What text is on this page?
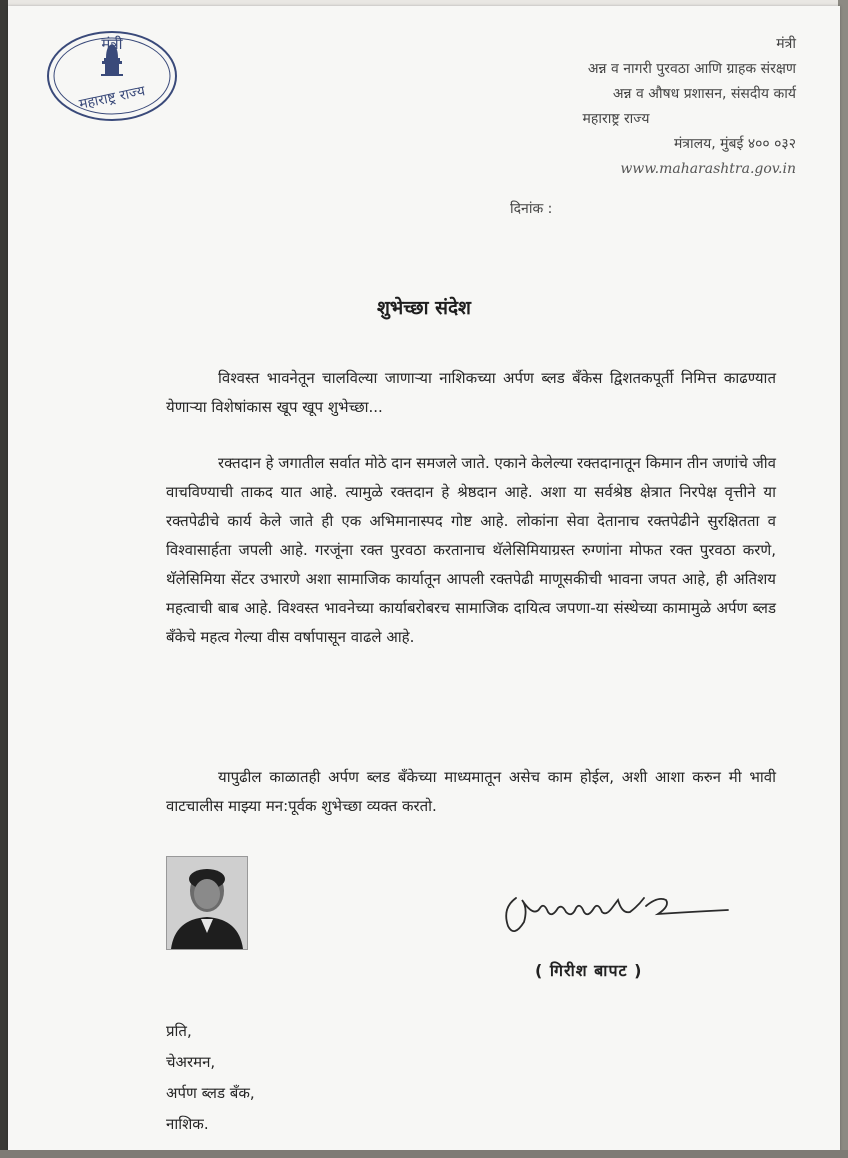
मंत्री
महाराष्ट्र राज्य
मंत्री
अन्न व नागरी पुरवठा आणि ग्राहक संरक्षण
अन्न व औषध प्रशासन, संसदीय कार्य
महाराष्ट्र राज्य
मंत्रालय, मुंबई ४०० ०३२
www.maharashtra.gov.in
दिनांक :
शुभेच्छा संदेश

विश्वस्त भावनेतून चालविल्या जाणाऱ्या नाशिकच्या अर्पण ब्लड बँकेस द्विशतकपूर्ती निमित्त काढण्यात येणाऱ्या विशेषांकास खूप खूप शुभेच्छा...

रक्तदान हे जगातील सर्वात मोठे दान समजले जाते. एकाने केलेल्या रक्तदानातून किमान तीन जणांचे जीव वाचविण्याची ताकद यात आहे. त्यामुळे रक्तदान हे श्रेष्ठदान आहे. अशा या सर्वश्रेष्ठ क्षेत्रात निरपेक्ष वृत्तीने या रक्तपेढीचे कार्य केले जाते ही एक अभिमानास्पद गोष्ट आहे. लोकांना सेवा देतानाच रक्तपेढीने सुरक्षितता व विश्वासार्हता जपली आहे. गरजूंना रक्त पुरवठा करतानाच थॅलेसिमियाग्रस्त रुग्णांना मोफत रक्त पुरवठा करणे, थॅलेसिमिया सेंटर उभारणे अशा सामाजिक कार्यातून आपली रक्तपेढी माणूसकीची भावना जपत आहे, ही अतिशय महत्वाची बाब आहे. विश्वस्त भावनेच्या कार्याबरोबरच सामाजिक दायित्व जपणा-या संस्थेच्या कामामुळे अर्पण ब्लड बँकेचे महत्व गेल्या वीस वर्षापासून वाढले आहे.

यापुढील काळातही अर्पण ब्लड बँकेच्या माध्यमातून असेच काम होईल, अशी आशा करुन मी भावी वाटचालीस माझ्या मन:पूर्वक शुभेच्छा व्यक्त करतो.

( गिरीश बापट )
प्रति,
चेअरमन,
अर्पण ब्लड बँक,
नाशिक.
